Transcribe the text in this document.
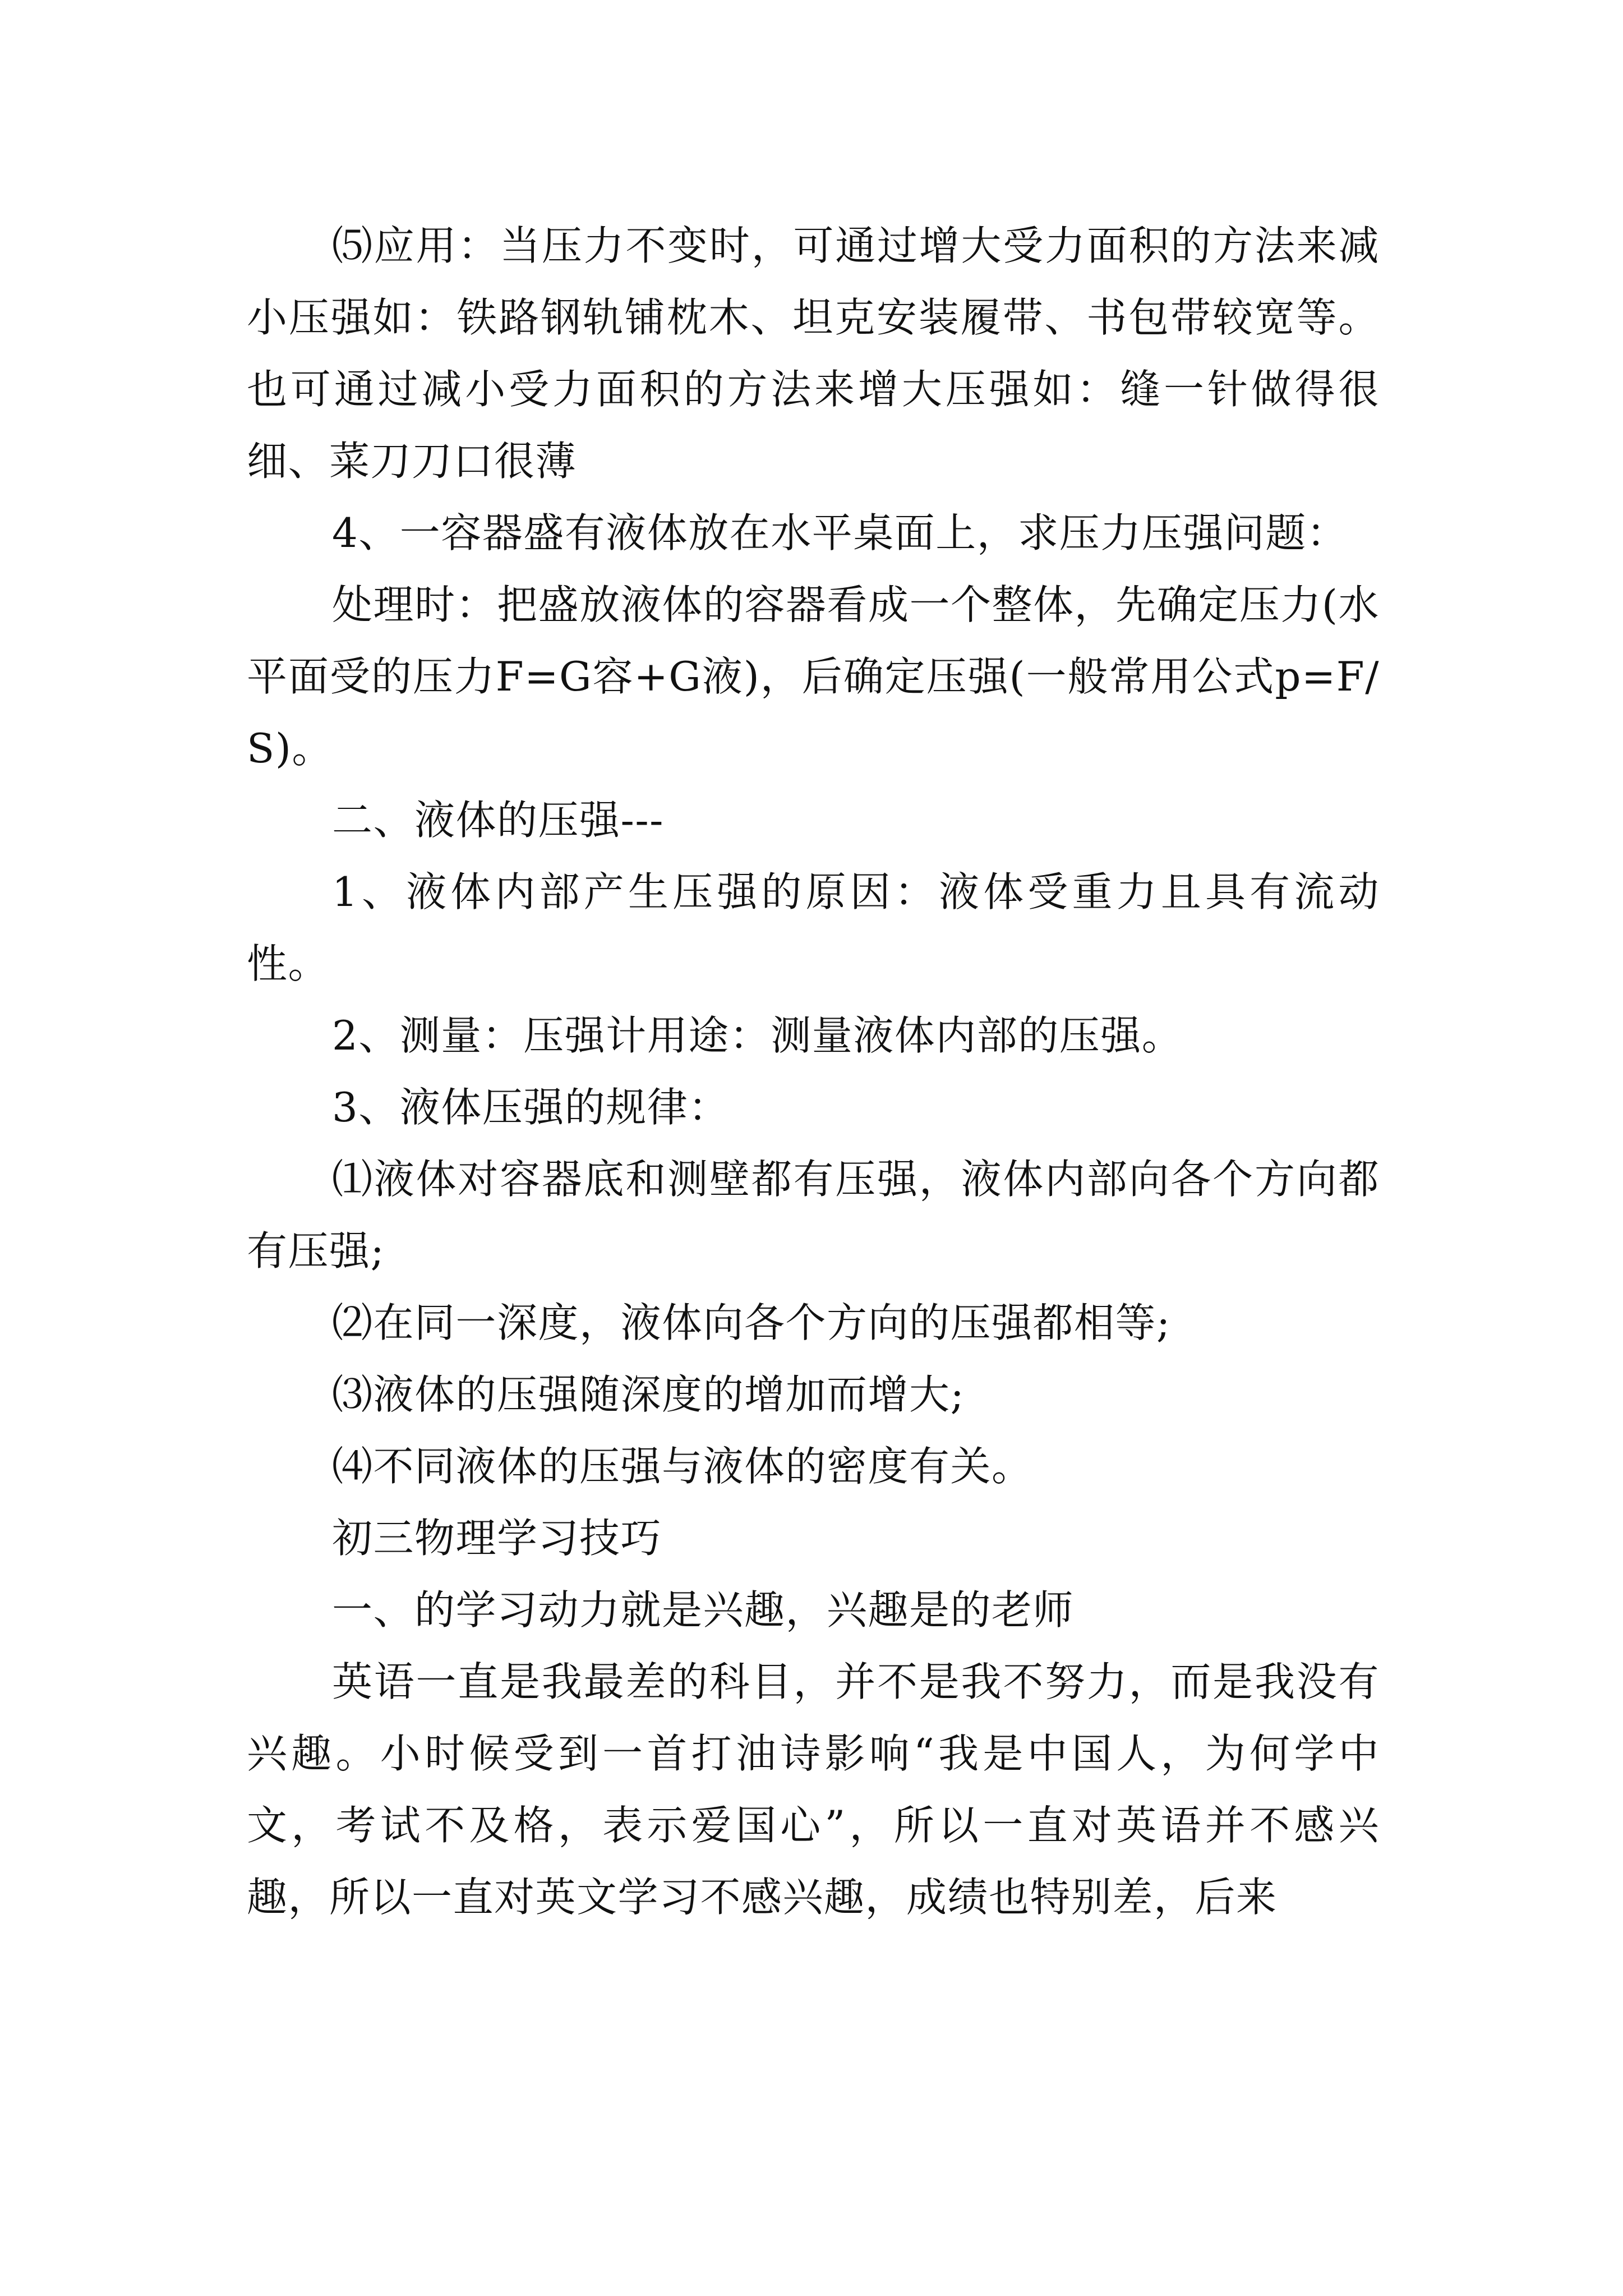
⑸应用：当压力不变时，可通过增大受力面积的方法来减小压强如：铁路钢轨铺枕木、坦克安装履带、书包带较宽等。也可通过减小受力面积的方法来增大压强如：缝一针做得很细、菜刀刀口很薄

4、一容器盛有液体放在水平桌面上，求压力压强问题：

处理时：把盛放液体的容器看成一个整体，先确定压力(水平面受的压力F=G容+G液)，后确定压强(一般常用公式p=F/S)。

二、液体的压强---

1、液体内部产生压强的原因：液体受重力且具有流动性。

2、测量：压强计用途：测量液体内部的压强。

3、液体压强的规律：

⑴液体对容器底和测壁都有压强，液体内部向各个方向都有压强;

⑵在同一深度，液体向各个方向的压强都相等;

⑶液体的压强随深度的增加而增大;

⑷不同液体的压强与液体的密度有关。

初三物理学习技巧

一、的学习动力就是兴趣，兴趣是的老师

英语一直是我最差的科目，并不是我不努力，而是我没有兴趣。小时候受到一首打油诗影响“我是中国人，为何学中文，考试不及格，表示爱国心”，所以一直对英语并不感兴趣，所以一直对英文学习不感兴趣，成绩也特别差，后来
